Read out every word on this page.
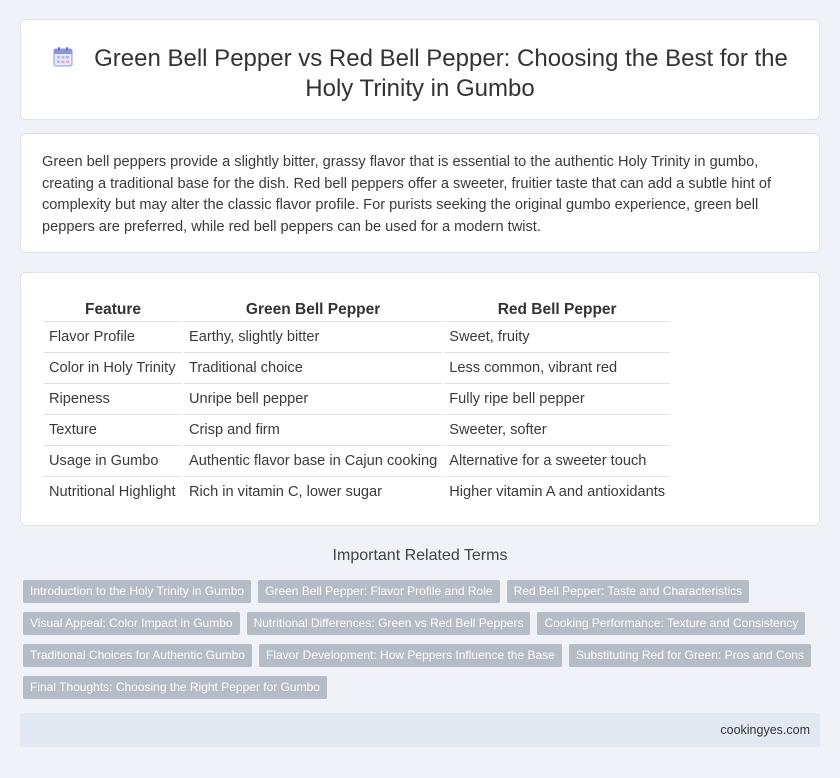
Green Bell Pepper vs Red Bell Pepper: Choosing the Best for the Holy Trinity in Gumbo

Green bell peppers provide a slightly bitter, grassy flavor that is essential to the authentic Holy Trinity in gumbo, creating a traditional base for the dish. Red bell peppers offer a sweeter, fruitier taste that can add a subtle hint of complexity but may alter the classic flavor profile. For purists seeking the original gumbo experience, green bell peppers are preferred, while red bell peppers can be used for a modern twist.

Feature	Green Bell Pepper	Red Bell Pepper
Flavor Profile	Earthy, slightly bitter	Sweet, fruity
Color in Holy Trinity	Traditional choice	Less common, vibrant red
Ripeness	Unripe bell pepper	Fully ripe bell pepper
Texture	Crisp and firm	Sweeter, softer
Usage in Gumbo	Authentic flavor base in Cajun cooking	Alternative for a sweeter touch
Nutritional Highlight	Rich in vitamin C, lower sugar	Higher vitamin A and antioxidants
Important Related Terms
Introduction to the Holy Trinity in Gumbo	Green Bell Pepper: Flavor Profile and Role	Red Bell Pepper: Taste and Characteristics
Visual Appeal: Color Impact in Gumbo	Nutritional Differences: Green vs Red Bell Peppers	Cooking Performance: Texture and Consistency
Traditional Choices for Authentic Gumbo	Flavor Development: How Peppers Influence the Base	Substituting Red for Green: Pros and Cons
Final Thoughts: Choosing the Right Pepper for Gumbo
cookingyes.com
